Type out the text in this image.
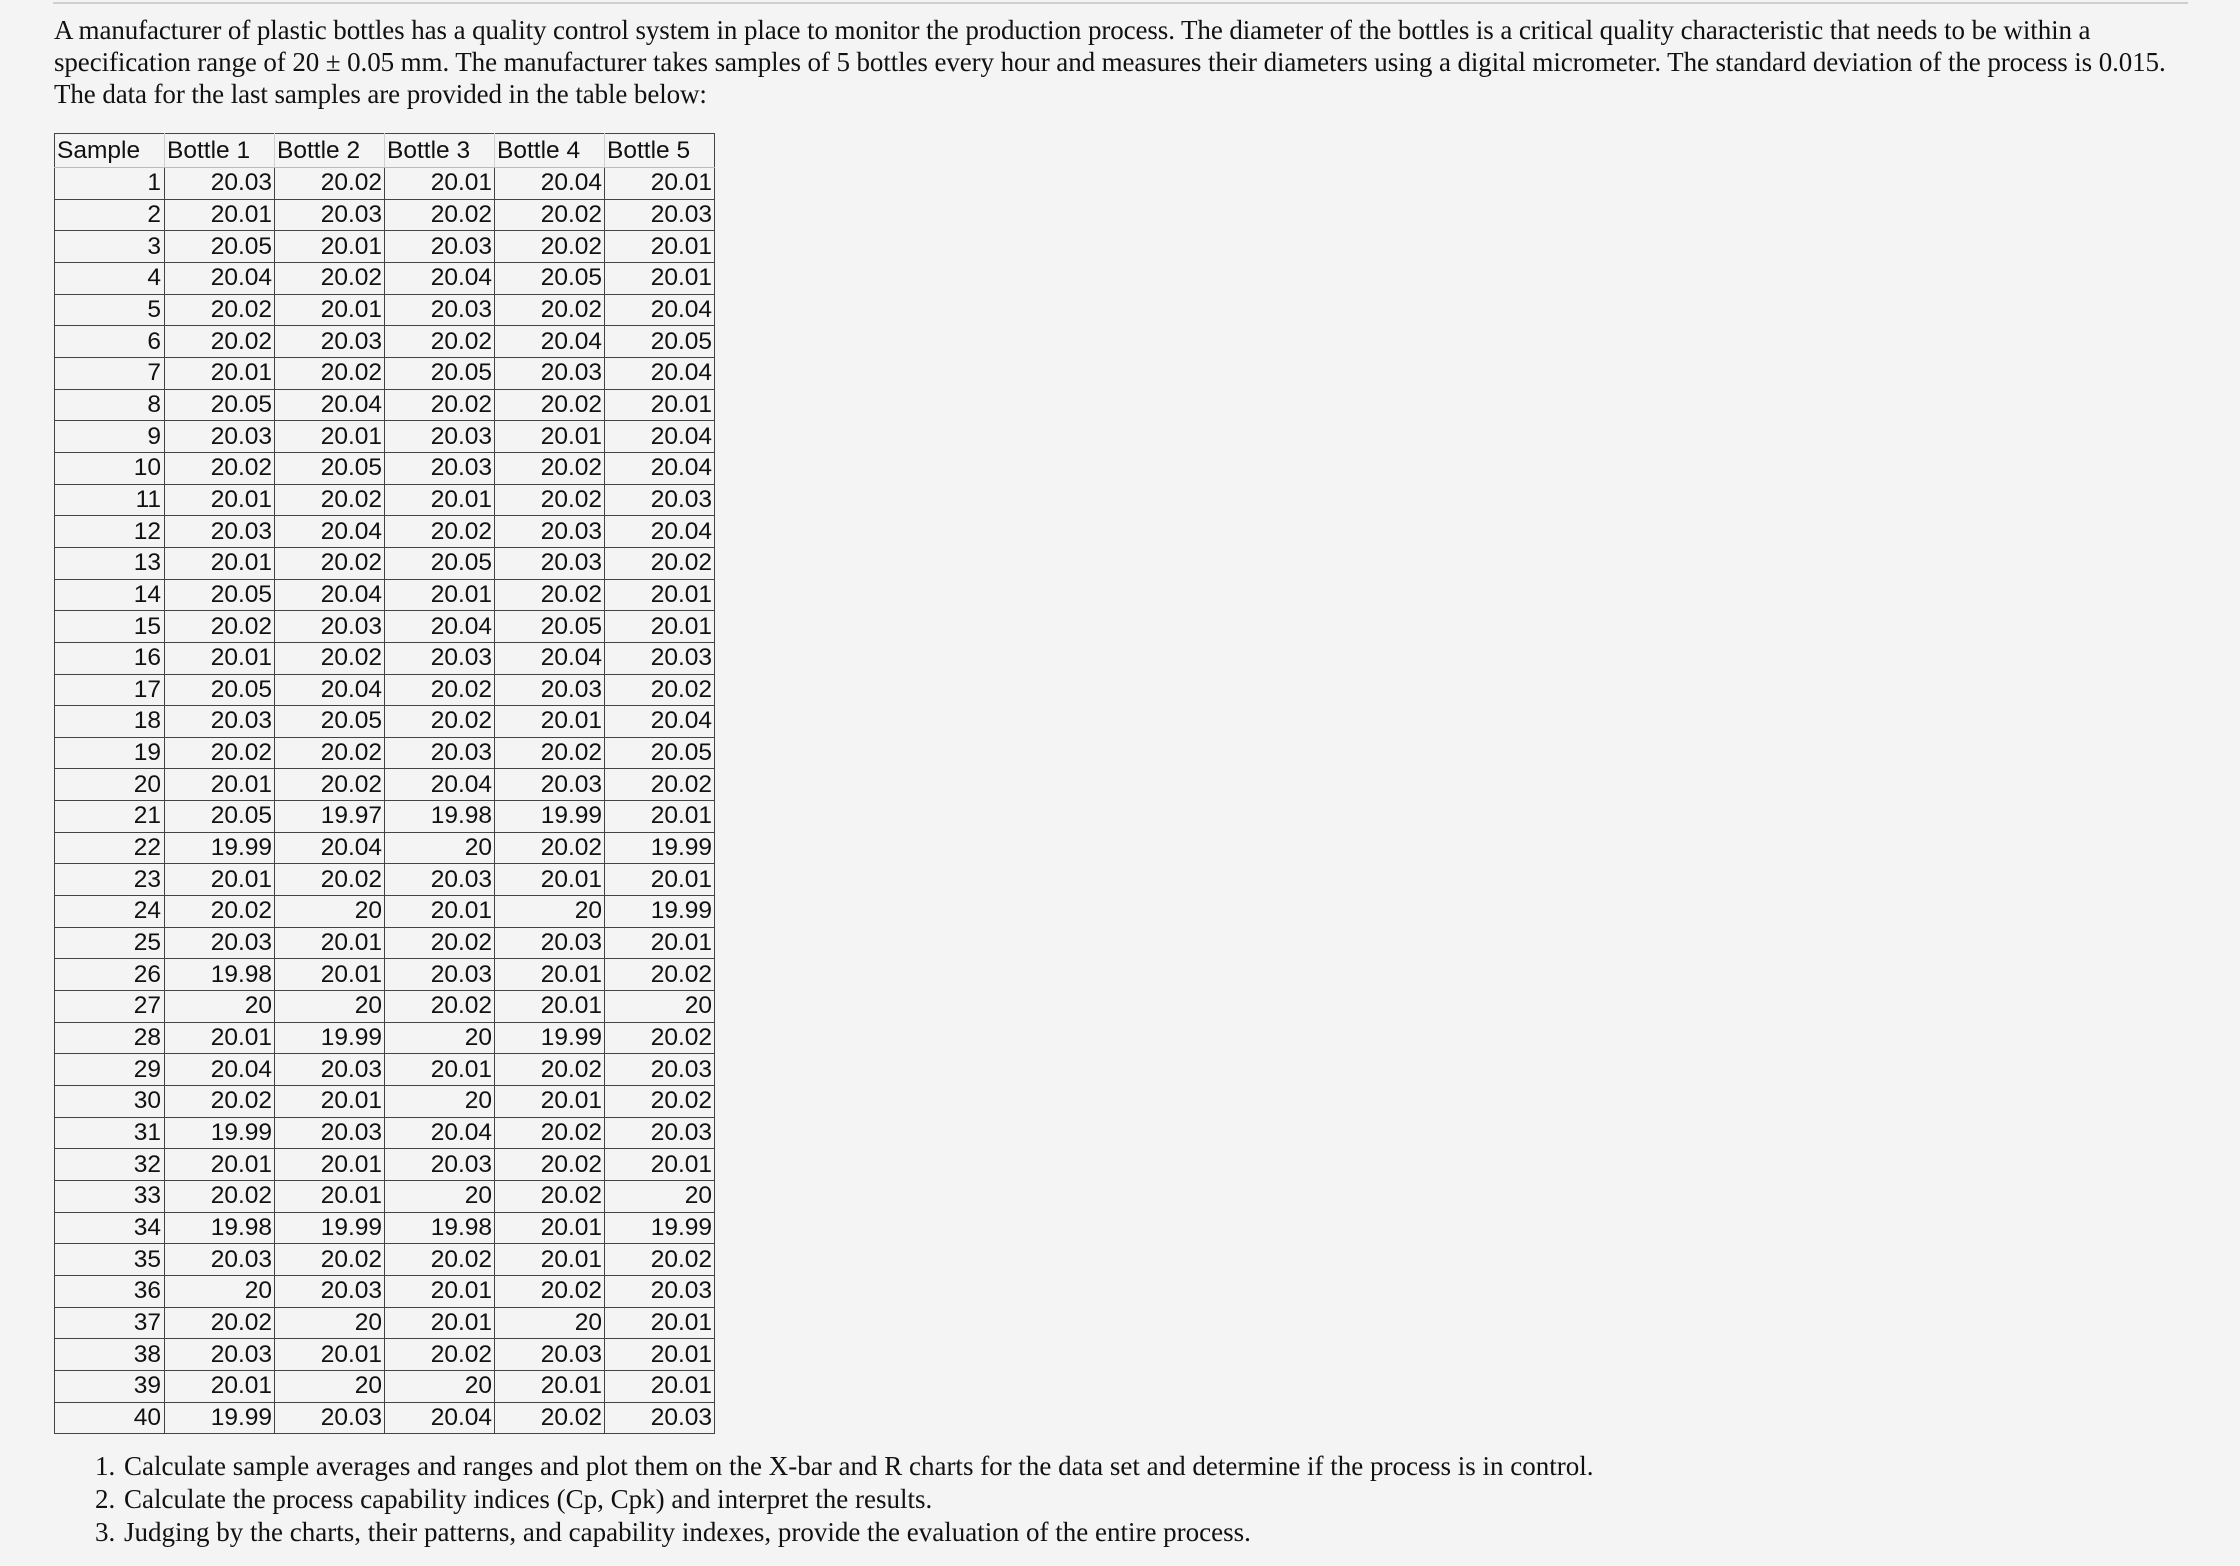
A manufacturer of plastic bottles has a quality control system in place to monitor the production process. The diameter of the bottles is a critical quality characteristic that needs to be within a specification range of 20 ± 0.05 mm. The manufacturer takes samples of 5 bottles every hour and measures their diameters using a digital micrometer. The standard deviation of the process is 0.015. The data for the last samples are provided in the table below:

Sample	Bottle 1	Bottle 2	Bottle 3	Bottle 4	Bottle 5
1	20.03	20.02	20.01	20.04	20.01
2	20.01	20.03	20.02	20.02	20.03
3	20.05	20.01	20.03	20.02	20.01
4	20.04	20.02	20.04	20.05	20.01
5	20.02	20.01	20.03	20.02	20.04
6	20.02	20.03	20.02	20.04	20.05
7	20.01	20.02	20.05	20.03	20.04
8	20.05	20.04	20.02	20.02	20.01
9	20.03	20.01	20.03	20.01	20.04
10	20.02	20.05	20.03	20.02	20.04
11	20.01	20.02	20.01	20.02	20.03
12	20.03	20.04	20.02	20.03	20.04
13	20.01	20.02	20.05	20.03	20.02
14	20.05	20.04	20.01	20.02	20.01
15	20.02	20.03	20.04	20.05	20.01
16	20.01	20.02	20.03	20.04	20.03
17	20.05	20.04	20.02	20.03	20.02
18	20.03	20.05	20.02	20.01	20.04
19	20.02	20.02	20.03	20.02	20.05
20	20.01	20.02	20.04	20.03	20.02
21	20.05	19.97	19.98	19.99	20.01
22	19.99	20.04	20	20.02	19.99
23	20.01	20.02	20.03	20.01	20.01
24	20.02	20	20.01	20	19.99
25	20.03	20.01	20.02	20.03	20.01
26	19.98	20.01	20.03	20.01	20.02
27	20	20	20.02	20.01	20
28	20.01	19.99	20	19.99	20.02
29	20.04	20.03	20.01	20.02	20.03
30	20.02	20.01	20	20.01	20.02
31	19.99	20.03	20.04	20.02	20.03
32	20.01	20.01	20.03	20.02	20.01
33	20.02	20.01	20	20.02	20
34	19.98	19.99	19.98	20.01	19.99
35	20.03	20.02	20.02	20.01	20.02
36	20	20.03	20.01	20.02	20.03
37	20.02	20	20.01	20	20.01
38	20.03	20.01	20.02	20.03	20.01
39	20.01	20	20	20.01	20.01
40	19.99	20.03	20.04	20.02	20.03
1. Calculate sample averages and ranges and plot them on the X-bar and R charts for the data set and determine if the process is in control.
2. Calculate the process capability indices (Cp, Cpk) and interpret the results.
3. Judging by the charts, their patterns, and capability indexes, provide the evaluation of the entire process.
